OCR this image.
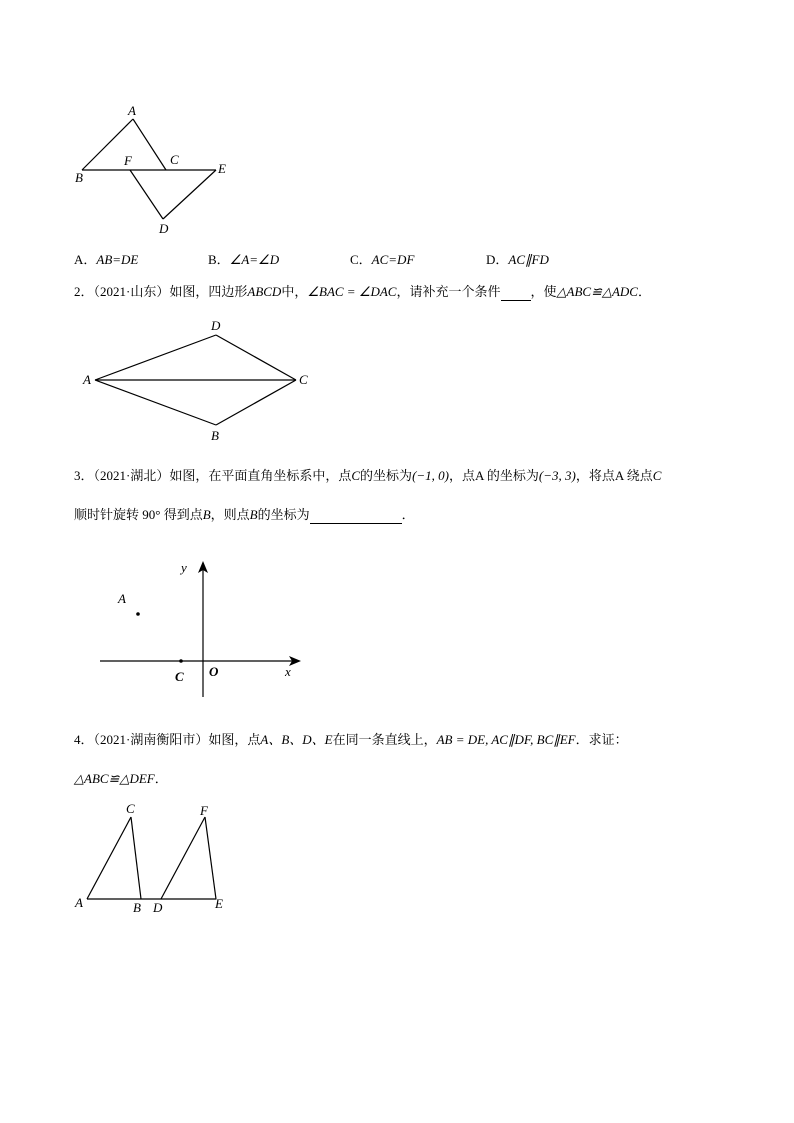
A
B
F	C
E
D
A．AB=DE	B．∠A=∠D	C．AC=DF	D．AC∥FD
2．（2021·山东）如图，四边形ABCD中，∠BAC = ∠DAC，请补充一个条件 ，使△ABC≌△ADC．
D
A	C
B
3．（2021·湖北）如图，在平面直角坐标系中，点C的坐标为(−1, 0)，点A 的坐标为(−3, 3)，将点A 绕点C
顺时针旋转 90° 得到点B，则点B的坐标为	．
y
x
A
C O
4．（2021·湖南衡阳市）如图，点A、B、D、E在同一条直线上，AB = DE, AC∥DF, BC∥EF．求证：
△ABC≌△DEF．
C	F
A	B D	E
